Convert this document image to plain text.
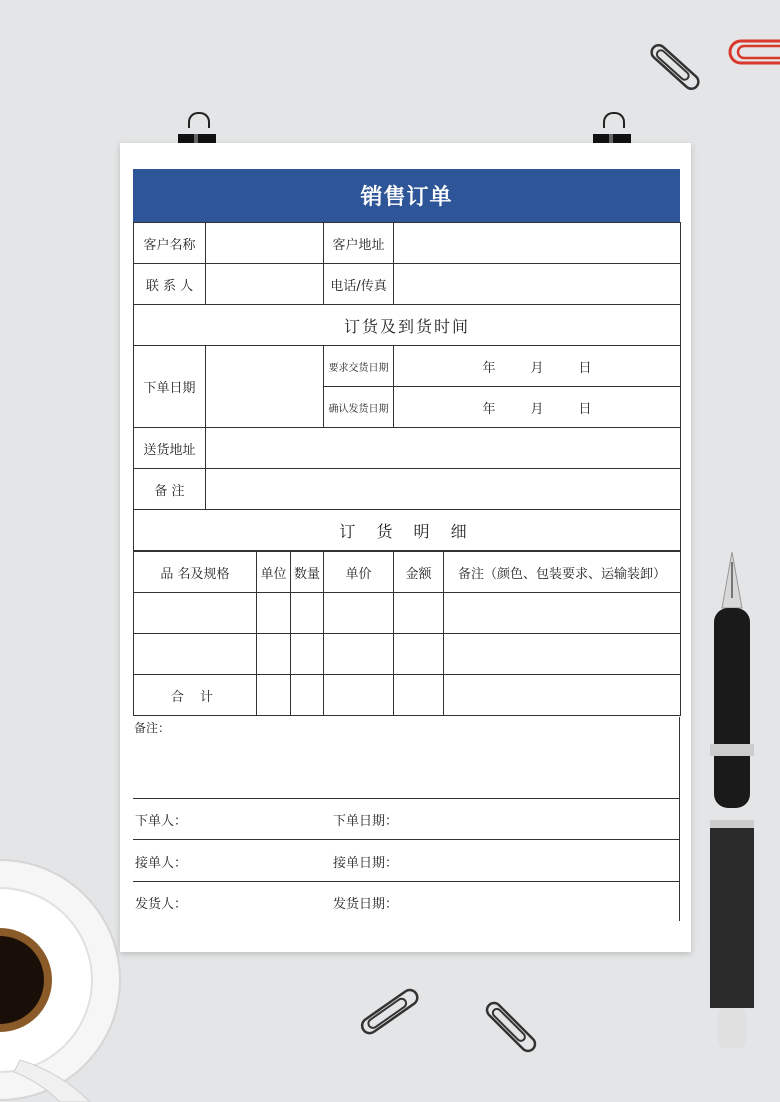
销售订单
客户名称		客户地址	
联 系 人		电话/传真	
订货及到货时间			
下单日期		要求交货日期	年 月 日
		确认发货日期	年 月 日
送货地址			
备 注			
订 货 明 细			
品 名及规格	单位	数量	单价	金额	备注（颜色、包装要求、运输装卸）

合 计					
备注：
下单人：	下单日期：
接单人：	接单日期：
发货人：	发货日期：
